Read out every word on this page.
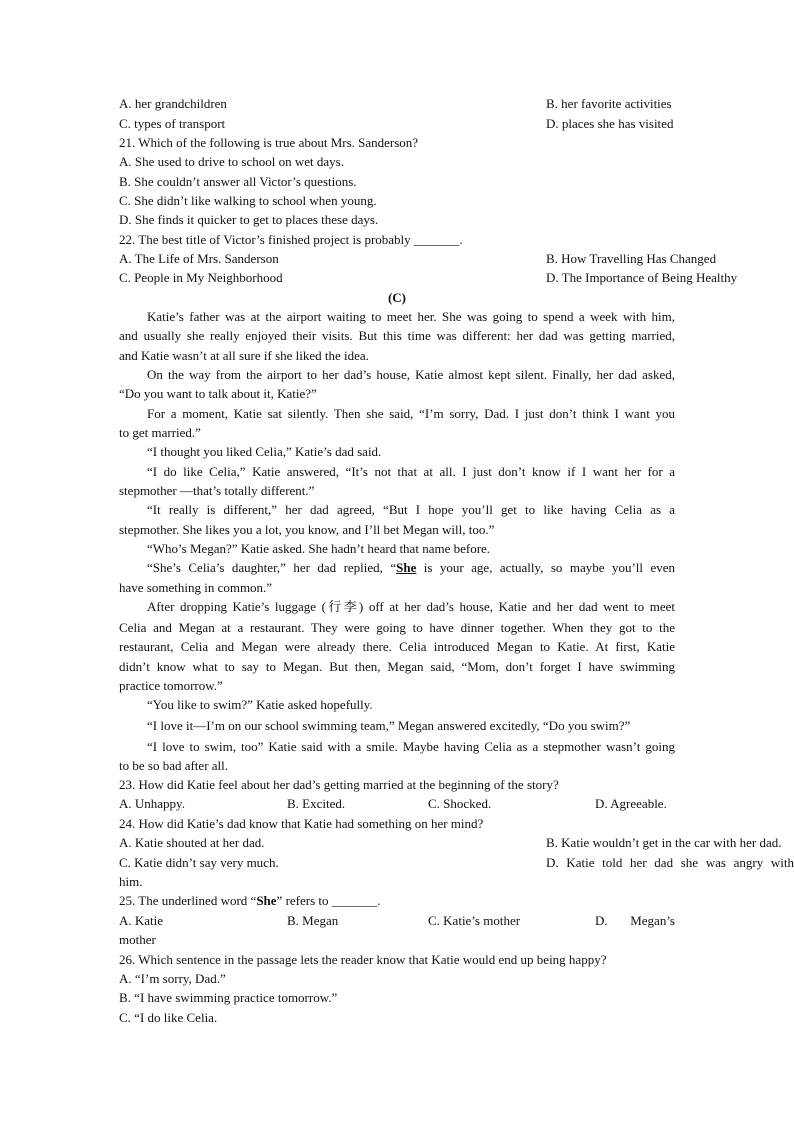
A. her grandchildren	B. her favorite activities
C. types of transport	D. places she has visited
21. Which of the following is true about Mrs. Sanderson?
A. She used to drive to school on wet days.
B. She couldn’t answer all Victor’s questions.
C. She didn’t like walking to school when young.
D. She finds it quicker to get to places these days.
22. The best title of Victor’s finished project is probably _______.
A. The Life of Mrs. Sanderson	B. How Travelling Has Changed
C. People in My Neighborhood	D. The Importance of Being Healthy
(C)
Katie’s father was at the airport waiting to meet her. She was going to spend a week with him,
and usually she really enjoyed their visits. But this time was different: her dad was getting married,
and Katie wasn’t at all sure if she liked the idea.
On the way from the airport to her dad’s house, Katie almost kept silent. Finally, her dad asked,
“Do you want to talk about it, Katie?”
For a moment, Katie sat silently. Then she said, “I’m sorry, Dad. I just don’t think I want you
to get married.”
“I thought you liked Celia,” Katie’s dad said.
“I do like Celia,” Katie answered, “It’s not that at all. I just don’t know if I want her for a
stepmother —that’s totally different.”
“It really is different,” her dad agreed, “But I hope you’ll get to like having Celia as a
stepmother. She likes you a lot, you know, and I’ll bet Megan will, too.”
“Who’s Megan?” Katie asked. She hadn’t heard that name before.
“She’s Celia’s daughter,” her dad replied, “She is your age, actually, so maybe you’ll even
have something in common.”
After dropping Katie’s luggage (行李) off at her dad’s house, Katie and her dad went to meet
Celia and Megan at a restaurant. They were going to have dinner together. When they got to the
restaurant, Celia and Megan were already there. Celia introduced Megan to Katie. At first, Katie
didn’t know what to say to Megan. But then, Megan said, “Mom, don’t forget I have swimming
practice tomorrow.”
“You like to swim?” Katie asked hopefully.
“I love it—I’m on our school swimming team,” Megan answered excitedly, “Do you swim?”
“I love to swim, too” Katie said with a smile. Maybe having Celia as a stepmother wasn’t going
to be so bad after all.
23. How did Katie feel about her dad’s getting married at the beginning of the story?
A. Unhappy.	B. Excited.	C. Shocked.	D. Agreeable.
24. How did Katie’s dad know that Katie had something on her mind?
A. Katie shouted at her dad.	B. Katie wouldn’t get in the car with her dad.
C. Katie didn’t say very much.	D. Katie told her dad she was angry with
him.
25. The underlined word “She” refers to _______.
A. Katie	B. Megan	C. Katie’s mother	D. Megan’s
mother
26. Which sentence in the passage lets the reader know that Katie would end up being happy?
A. “I’m sorry, Dad.”
B. “I have swimming practice tomorrow.”
C. “I do like Celia.
